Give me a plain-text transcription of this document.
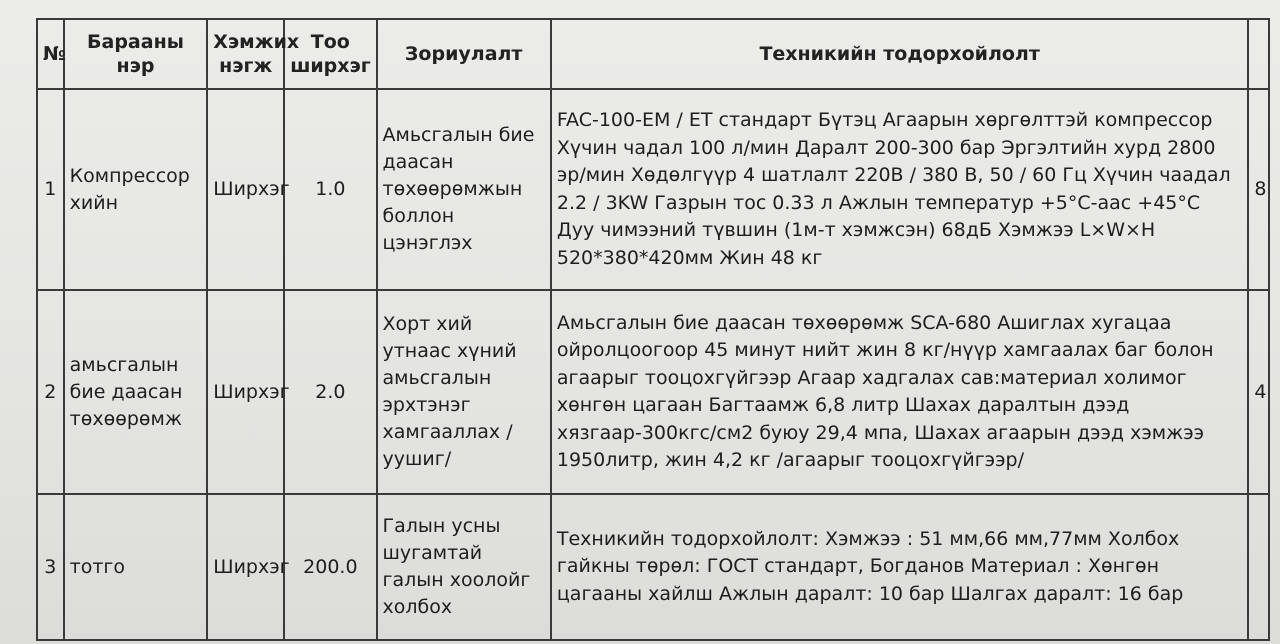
№	Барааны нэр	Хэмжих нэгж	Тоо ширхэг	Зориулалт	Техникийн тодорхойлолт	
1	Компрессор хийн	Ширхэг	1.0	Амьсгалын бие даасан төхөөрөмжын боллон цэнэглэх	FAC-100-EM / ET стандарт Бүтэц Агаарын хөргөлттэй компрессор Хүчин чадал 100 л/мин Даралт 200-300 бар Эргэлтийн хурд 2800 эр/мин Хөдөлгүүр 4 шатлалт 220В / 380 В, 50 / 60 Гц Хүчин чаадал 2.2 / 3KW Газрын тос 0.33 л Ажлын температур +5°С-аас +45°С Дуу чимээний түвшин (1м-т хэмжсэн) 68дБ Хэмжээ L×W×H 520*380*420мм Жин 48 кг	8
2	амьсгалын бие даасан төхөөрөмж	Ширхэг	2.0	Хорт хий утнаас хүний амьсгалын эрхтэнэг хамгааллах /уушиг/	Амьсгалын бие даасан төхөөрөмж SCA-680 Ашиглах хугацаа ойролцоогоор 45 минут нийт жин 8 кг/нүүр хамгаалах баг болон агаарыг тооцохгүйгээр Агаар хадгалах сав:материал холимог хөнгөн цагаан Багтаамж 6,8 литр Шахах даралтын дээд хязгаар-300кгс/см2 буюу 29,4 мпа, Шахах агаарын дээд хэмжээ 1950литр, жин 4,2 кг /агаарыг тооцохгүйгээр/	4
3	тотго	Ширхэг	200.0	Галын усны шугамтай галын хоолойг холбох	Техникийн тодорхойлолт: Хэмжээ : 51 мм,66 мм,77мм Холбох гайкны төрөл: ГОСТ стандарт, Богданов Материал : Хөнгөн цагааны хайлш Ажлын даралт: 10 бар Шалгах даралт: 16 бар	
